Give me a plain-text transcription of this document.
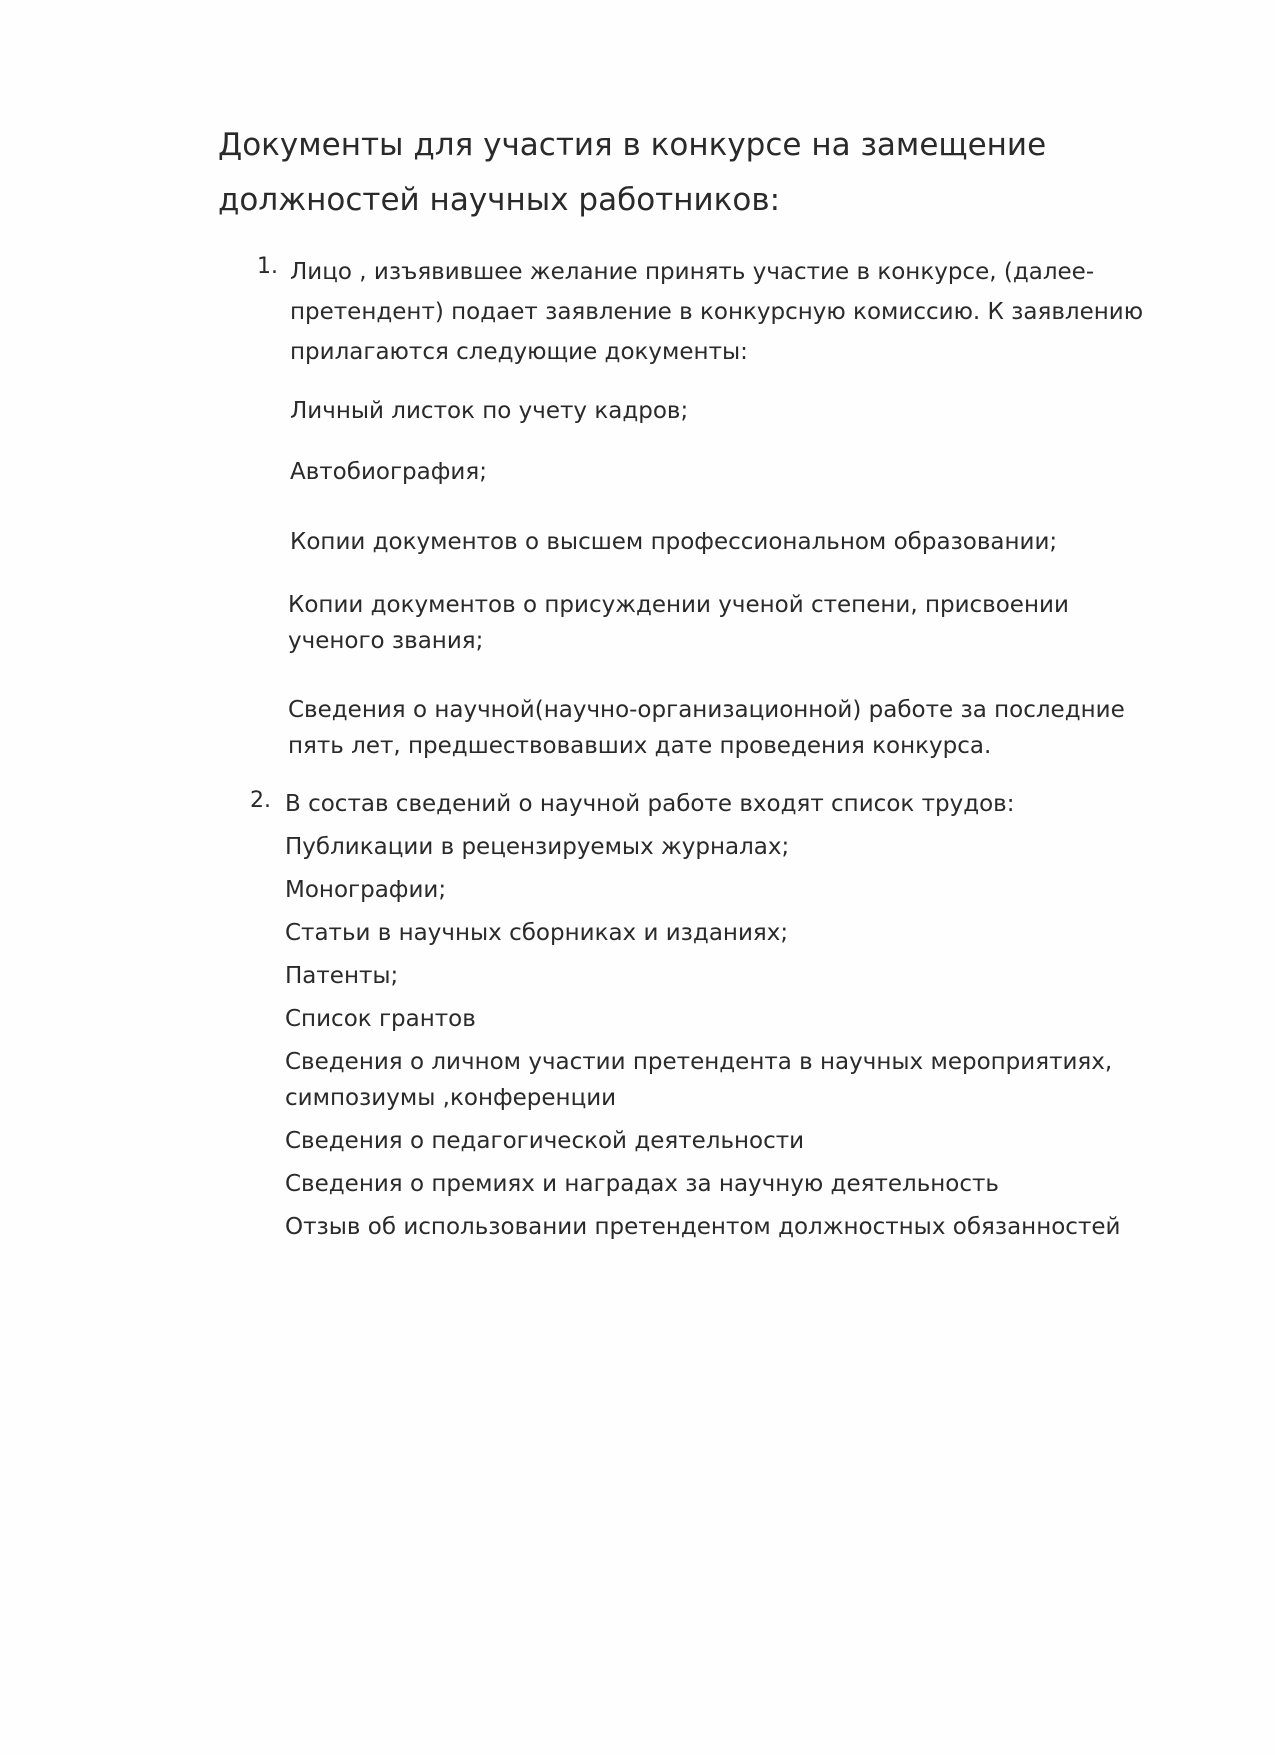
Документы для участия в конкурсе на замещение
должностей научных работников:
1. Лицо , изъявившее желание принять участие в конкурсе, (далее-
претендент) подает заявление в конкурсную комиссию. К заявлению
прилагаются следующие документы:

Личный листок по учету кадров;

Автобиография;

Копии документов о высшем профессиональном образовании;

Копии документов о присуждении ученой степени, присвоении
ученого звания;

Сведения о научной(научно-организационной) работе за последние
пять лет, предшествовавших дате проведения конкурса.

2. В состав сведений о научной работе входят список трудов:
Публикации в рецензируемых журналах;
Монографии;
Статьи в научных сборниках и изданиях;
Патенты;
Список грантов
Сведения о личном участии претендента в научных мероприятиях,
симпозиумы ,конференции
Сведения о педагогической деятельности
Сведения о премиях и наградах за научную деятельность
Отзыв об использовании претендентом должностных обязанностей
